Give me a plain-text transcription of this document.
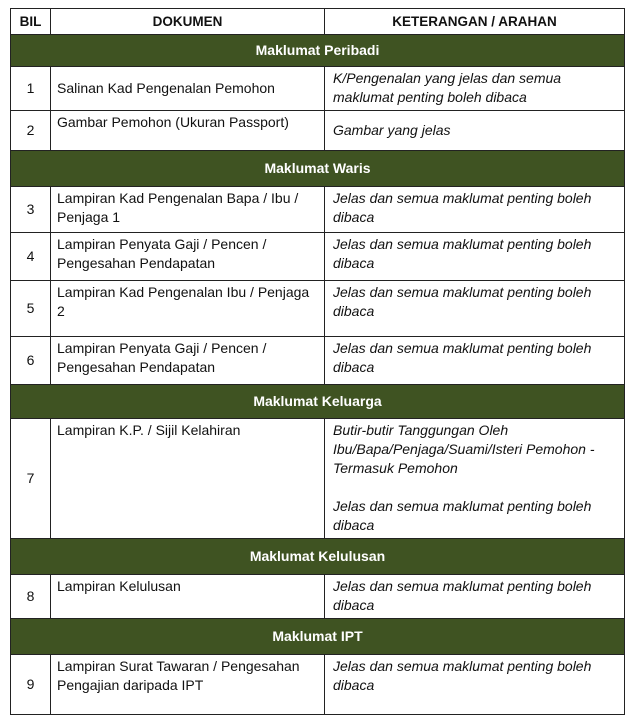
BIL	DOKUMEN	KETERANGAN / ARAHAN
Maklumat Peribadi		
1	Salinan Kad Pengenalan Pemohon	K/Pengenalan yang jelas dan semua maklumat penting boleh dibaca
2	Gambar Pemohon (Ukuran Passport)	Gambar yang jelas
Maklumat Waris		
3	Lampiran Kad Pengenalan Bapa / Ibu / Penjaga 1	Jelas dan semua maklumat penting boleh dibaca
4	Lampiran Penyata Gaji / Pencen / Pengesahan Pendapatan	Jelas dan semua maklumat penting boleh dibaca
5	Lampiran Kad Pengenalan Ibu / Penjaga 2	Jelas dan semua maklumat penting boleh dibaca
6	Lampiran Penyata Gaji / Pencen / Pengesahan Pendapatan	Jelas dan semua maklumat penting boleh dibaca
Maklumat Keluarga		
7	Lampiran K.P. / Sijil Kelahiran	Butir-butir Tanggungan Oleh Ibu/Bapa/Penjaga/Suami/Isteri Pemohon - Termasuk Pemohon
Jelas dan semua maklumat penting boleh dibaca
Maklumat Kelulusan		
8	Lampiran Kelulusan	Jelas dan semua maklumat penting boleh dibaca
Maklumat IPT		
9	Lampiran Surat Tawaran / Pengesahan Pengajian daripada IPT	Jelas dan semua maklumat penting boleh dibaca
